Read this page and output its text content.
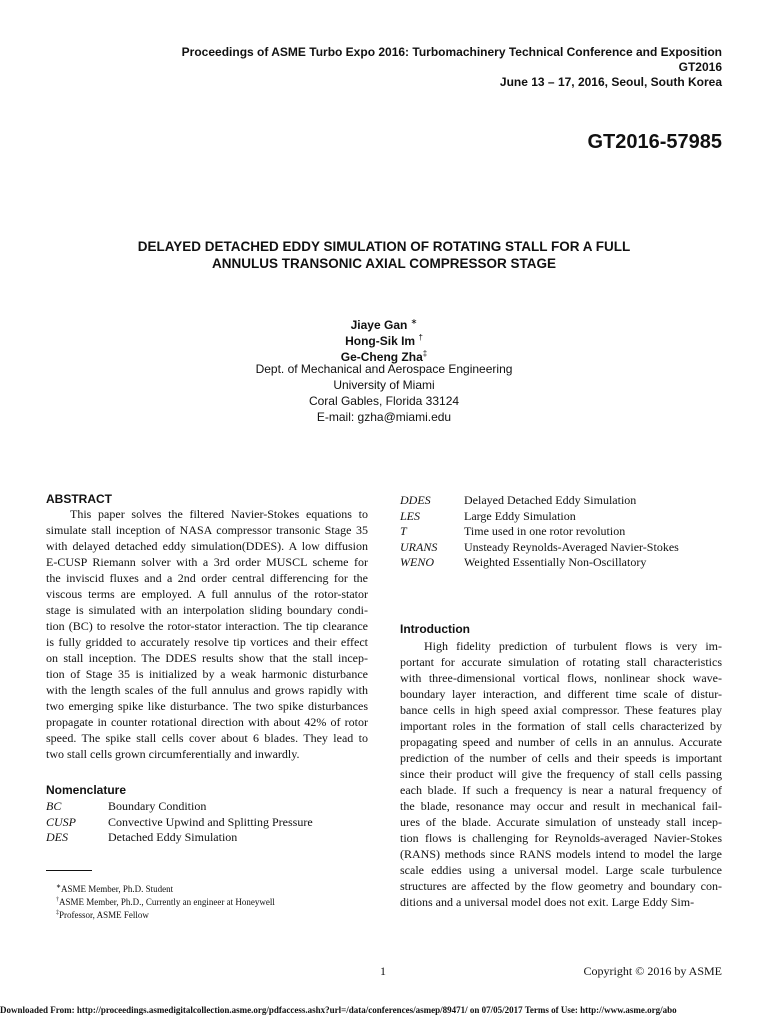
Proceedings of ASME Turbo Expo 2016: Turbomachinery Technical Conference and Exposition
GT2016
June 13 – 17, 2016, Seoul, South Korea
GT2016-57985
DELAYED DETACHED EDDY SIMULATION OF ROTATING STALL FOR A FULL
ANNULUS TRANSONIC AXIAL COMPRESSOR STAGE
Jiaye Gan ∗
Hong-Sik Im †
Ge-Cheng Zha‡
Dept. of Mechanical and Aerospace Engineering
University of Miami
Coral Gables, Florida 33124
E-mail: gzha@miami.edu
ABSTRACT
This paper solves the filtered Navier-Stokes equations to
simulate stall inception of NASA compressor transonic Stage 35
with delayed detached eddy simulation(DDES). A low diffusion
E-CUSP Riemann solver with a 3rd order MUSCL scheme for
the inviscid fluxes and a 2nd order central differencing for the
viscous terms are employed. A full annulus of the rotor-stator
stage is simulated with an interpolation sliding boundary condi-
tion (BC) to resolve the rotor-stator interaction. The tip clearance
is fully gridded to accurately resolve tip vortices and their effect
on stall inception. The DDES results show that the stall incep-
tion of Stage 35 is initialized by a weak harmonic disturbance
with the length scales of the full annulus and grows rapidly with
two emerging spike like disturbance. The two spike disturbances
propagate in counter rotational direction with about 42% of rotor
speed. The spike stall cells cover about 6 blades. They lead to
two stall cells grown circumferentially and inwardly.
Nomenclature
BC	Boundary Condition
CUSP	Convective Upwind and Splitting Pressure
DES	Detached Eddy Simulation
DDES	Delayed Detached Eddy Simulation
LES	Large Eddy Simulation
T	Time used in one rotor revolution
URANS Unsteady Reynolds-Averaged Navier-Stokes
WENO	Weighted Essentially Non-Oscillatory
Introduction
High fidelity prediction of turbulent flows is very im-
portant for accurate simulation of rotating stall characteristics
with three-dimensional vortical flows, nonlinear shock wave-
boundary layer interaction, and different time scale of distur-
bance cells in high speed axial compressor. These features play
important roles in the formation of stall cells characterized by
propagating speed and number of cells in an annulus. Accurate
prediction of the number of cells and their speeds is important
since their product will give the frequency of stall cells passing
each blade. If such a frequency is near a natural frequency of
the blade, resonance may occur and result in mechanical fail-
ures of the blade. Accurate simulation of unsteady stall incep-
tion flows is challenging for Reynolds-averaged Navier-Stokes
(RANS) methods since RANS models intend to model the large
scale eddies using a universal model. Large scale turbulence
structures are affected by the flow geometry and boundary con-
ditions and a universal model does not exit. Large Eddy Sim-
∗ASME Member, Ph.D. Student
†ASME Member, Ph.D., Currently an engineer at Honeywell
‡Professor, ASME Fellow
1	Copyright © 2016 by ASME
Downloaded From: http://proceedings.asmedigitalcollection.asme.org/pdfaccess.ashx?url=/data/conferences/asmep/89471/ on 07/05/2017 Terms of Use: http://www.asme.org/abo
